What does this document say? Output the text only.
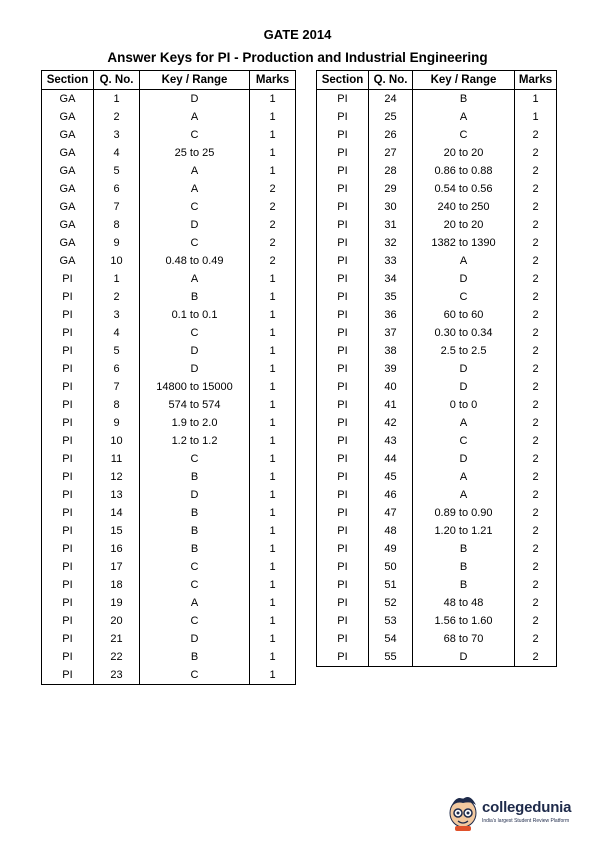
GATE 2014
Answer Keys for PI - Production and Industrial Engineering
Section	Q. No.	Key / Range	Marks
GA	1	D	1
GA	2	A	1
GA	3	C	1
GA	4	25 to 25	1
GA	5	A	1
GA	6	A	2
GA	7	C	2
GA	8	D	2
GA	9	C	2
GA	10	0.48 to 0.49	2
PI	1	A	1
PI	2	B	1
PI	3	0.1 to 0.1	1
PI	4	C	1
PI	5	D	1
PI	6	D	1
PI	7	14800 to 15000	1
PI	8	574 to 574	1
PI	9	1.9 to 2.0	1
PI	10	1.2 to 1.2	1
PI	11	C	1
PI	12	B	1
PI	13	D	1
PI	14	B	1
PI	15	B	1
PI	16	B	1
PI	17	C	1
PI	18	C	1
PI	19	A	1
PI	20	C	1
PI	21	D	1
PI	22	B	1
PI	23	C	1
Section	Q. No.	Key / Range	Marks
PI	24	B	1
PI	25	A	1
PI	26	C	2
PI	27	20 to 20	2
PI	28	0.86 to 0.88	2
PI	29	0.54 to 0.56	2
PI	30	240 to 250	2
PI	31	20 to 20	2
PI	32	1382 to 1390	2
PI	33	A	2
PI	34	D	2
PI	35	C	2
PI	36	60 to 60	2
PI	37	0.30 to 0.34	2
PI	38	2.5 to 2.5	2
PI	39	D	2
PI	40	D	2
PI	41	0 to 0	2
PI	42	A	2
PI	43	C	2
PI	44	D	2
PI	45	A	2
PI	46	A	2
PI	47	0.89 to 0.90	2
PI	48	1.20 to 1.21	2
PI	49	B	2
PI	50	B	2
PI	51	B	2
PI	52	48 to 48	2
PI	53	1.56 to 1.60	2
PI	54	68 to 70	2
PI	55	D	2
collegedunia
India's largest Student Review Platform
